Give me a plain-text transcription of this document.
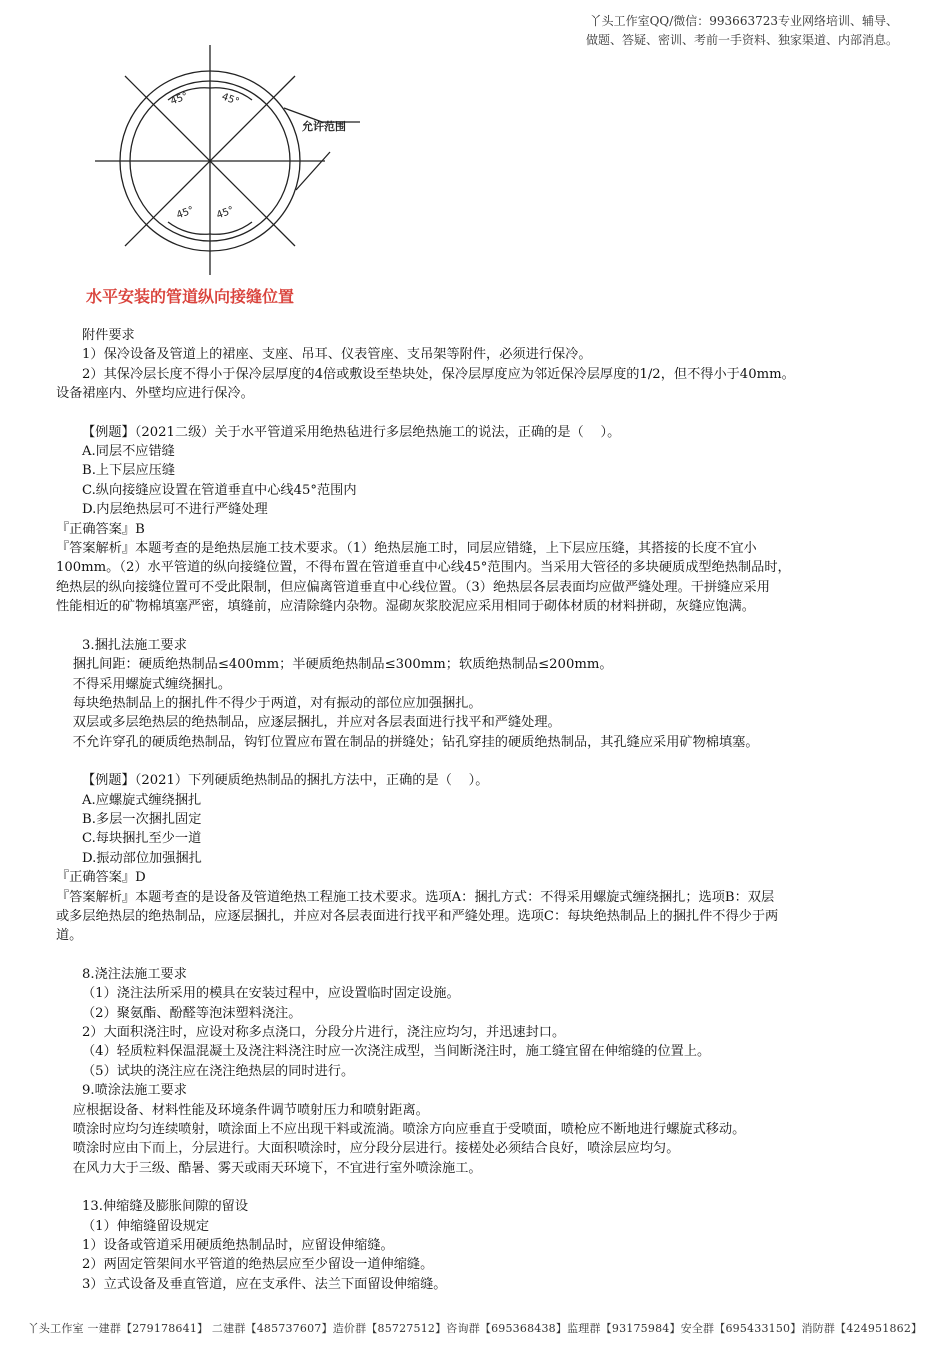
丫头工作室QQ/微信：993663723专业网络培训、辅导、
做题、答疑、密训、考前一手资料、独家渠道、内部消息。
45°	45°
45° 45°
允许范围
水平安装的管道纵向接缝位置

附件要求

1）保冷设备及管道上的裙座、支座、吊耳、仪表管座、支吊架等附件，必须进行保冷。

2）其保冷层长度不得小于保冷层厚度的4倍或敷设至垫块处，保冷层厚度应为邻近保冷层厚度的1/2，但不得小于40mm。

设备裙座内、外壁均应进行保冷。

【例题】（2021二级）关于水平管道采用绝热毡进行多层绝热施工的说法，正确的是（    ）。

A.同层不应错缝

B.上下层应压缝

C.纵向接缝应设置在管道垂直中心线45°范围内

D.内层绝热层可不进行严缝处理

『正确答案』B

『答案解析』本题考查的是绝热层施工技术要求。（1）绝热层施工时，同层应错缝，上下层应压缝，其搭接的长度不宜小

100mm。（2）水平管道的纵向接缝位置，不得布置在管道垂直中心线45°范围内。当采用大管径的多块硬质成型绝热制品时，

绝热层的纵向接缝位置可不受此限制，但应偏离管道垂直中心线位置。（3）绝热层各层表面均应做严缝处理。干拼缝应采用

性能相近的矿物棉填塞严密，填缝前，应清除缝内杂物。湿砌灰浆胶泥应采用相同于砌体材质的材料拼砌，灰缝应饱满。

3.捆扎法施工要求

捆扎间距：硬质绝热制品≤400mm；半硬质绝热制品≤300mm；软质绝热制品≤200mm。

不得采用螺旋式缠绕捆扎。

每块绝热制品上的捆扎件不得少于两道，对有振动的部位应加强捆扎。

双层或多层绝热层的绝热制品，应逐层捆扎，并应对各层表面进行找平和严缝处理。

不允许穿孔的硬质绝热制品，钩钉位置应布置在制品的拼缝处；钻孔穿挂的硬质绝热制品，其孔缝应采用矿物棉填塞。

【例题】（2021）下列硬质绝热制品的捆扎方法中，正确的是（    ）。

A.应螺旋式缠绕捆扎

B.多层一次捆扎固定

C.每块捆扎至少一道

D.振动部位加强捆扎

『正确答案』D

『答案解析』本题考查的是设备及管道绝热工程施工技术要求。选项A：捆扎方式：不得采用螺旋式缠绕捆扎；选项B：双层

或多层绝热层的绝热制品，应逐层捆扎，并应对各层表面进行找平和严缝处理。选项C：每块绝热制品上的捆扎件不得少于两

道。

8.浇注法施工要求

（1）浇注法所采用的模具在安装过程中，应设置临时固定设施。

（2）聚氨酯、酚醛等泡沫塑料浇注。

2）大面积浇注时，应设对称多点浇口，分段分片进行，浇注应均匀，并迅速封口。

（4）轻质粒料保温混凝土及浇注料浇注时应一次浇注成型，当间断浇注时，施工缝宜留在伸缩缝的位置上。

（5）试块的浇注应在浇注绝热层的同时进行。

9.喷涂法施工要求

应根据设备、材料性能及环境条件调节喷射压力和喷射距离。

喷涂时应均匀连续喷射，喷涂面上不应出现干料或流淌。喷涂方向应垂直于受喷面，喷枪应不断地进行螺旋式移动。

喷涂时应由下而上，分层进行。大面积喷涂时，应分段分层进行。接槎处必须结合良好，喷涂层应均匀。

在风力大于三级、酷暑、雾天或雨天环境下，不宜进行室外喷涂施工。

13.伸缩缝及膨胀间隙的留设

（1）伸缩缝留设规定

1）设备或管道采用硬质绝热制品时，应留设伸缩缝。

2）两固定管架间水平管道的绝热层应至少留设一道伸缩缝。

3）立式设备及垂直管道，应在支承件、法兰下面留设伸缩缝。

丫头工作室 一建群【279178641】 二建群【485737607】造价群【85727512】咨询群【695368438】监理群【93175984】安全群【695433150】消防群【424951862】
